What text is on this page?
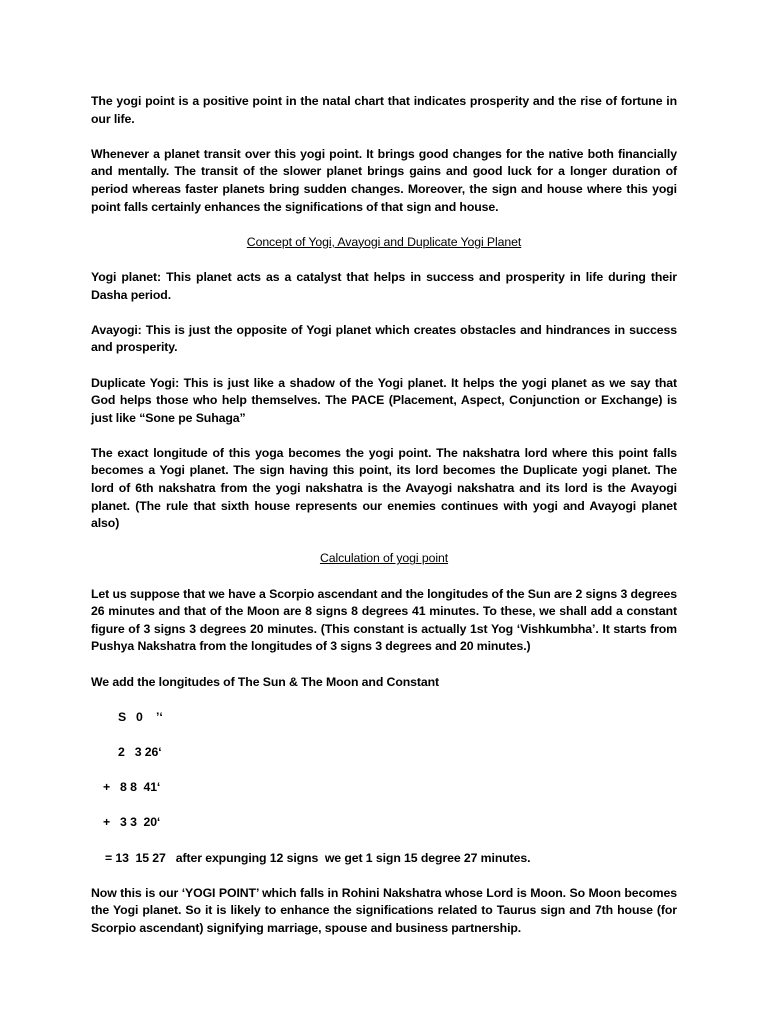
The yogi point is a positive point in the natal chart that indicates prosperity and the rise of fortune in our life.

Whenever a planet transit over this yogi point. It brings good changes for the native both financially and mentally. The transit of the slower planet brings gains and good luck for a longer duration of period whereas faster planets bring sudden changes. Moreover, the sign and house where this yogi point falls certainly enhances the significations of that sign and house.

Concept of Yogi, Avayogi and Duplicate Yogi Planet

Yogi planet: This planet acts as a catalyst that helps in success and prosperity in life during their Dasha period.

Avayogi: This is just the opposite of Yogi planet which creates obstacles and hindrances in success and prosperity.

Duplicate Yogi: This is just like a shadow of the Yogi planet. It helps the yogi planet as we say that God helps those who help themselves. The PACE (Placement, Aspect, Conjunction or Exchange) is just like “Sone pe Suhaga”

The exact longitude of this yoga becomes the yogi point. The nakshatra lord where this point falls becomes a Yogi planet. The sign having this point, its lord becomes the Duplicate yogi planet. The lord of 6th nakshatra from the yogi nakshatra is the Avayogi nakshatra and its lord is the Avayogi planet. (The rule that sixth house represents our enemies continues with yogi and Avayogi planet also)

Calculation of yogi point

Let us suppose that we have a Scorpio ascendant and the longitudes of the Sun are 2 signs 3 degrees 26 minutes and that of the Moon are 8 signs 8 degrees 41 minutes. To these, we shall add a constant figure of 3 signs 3 degrees 20 minutes. (This constant is actually 1st Yog ‘Vishkumbha’. It starts from Pushya Nakshatra from the longitudes of 3 signs 3 degrees and 20 minutes.)

We add the longitudes of The Sun & The Moon and Constant

S   0    ’‘
2   3 26‘
+   8 8  41‘
+   3 3  20‘
= 13  15 27   after expunging 12 signs  we get 1 sign 15 degree 27 minutes.

Now this is our ‘YOGI POINT’ which falls in Rohini Nakshatra whose Lord is Moon. So Moon becomes the Yogi planet. So it is likely to enhance the significations related to Taurus sign and 7th house (for Scorpio ascendant) signifying marriage, spouse and business partnership.
